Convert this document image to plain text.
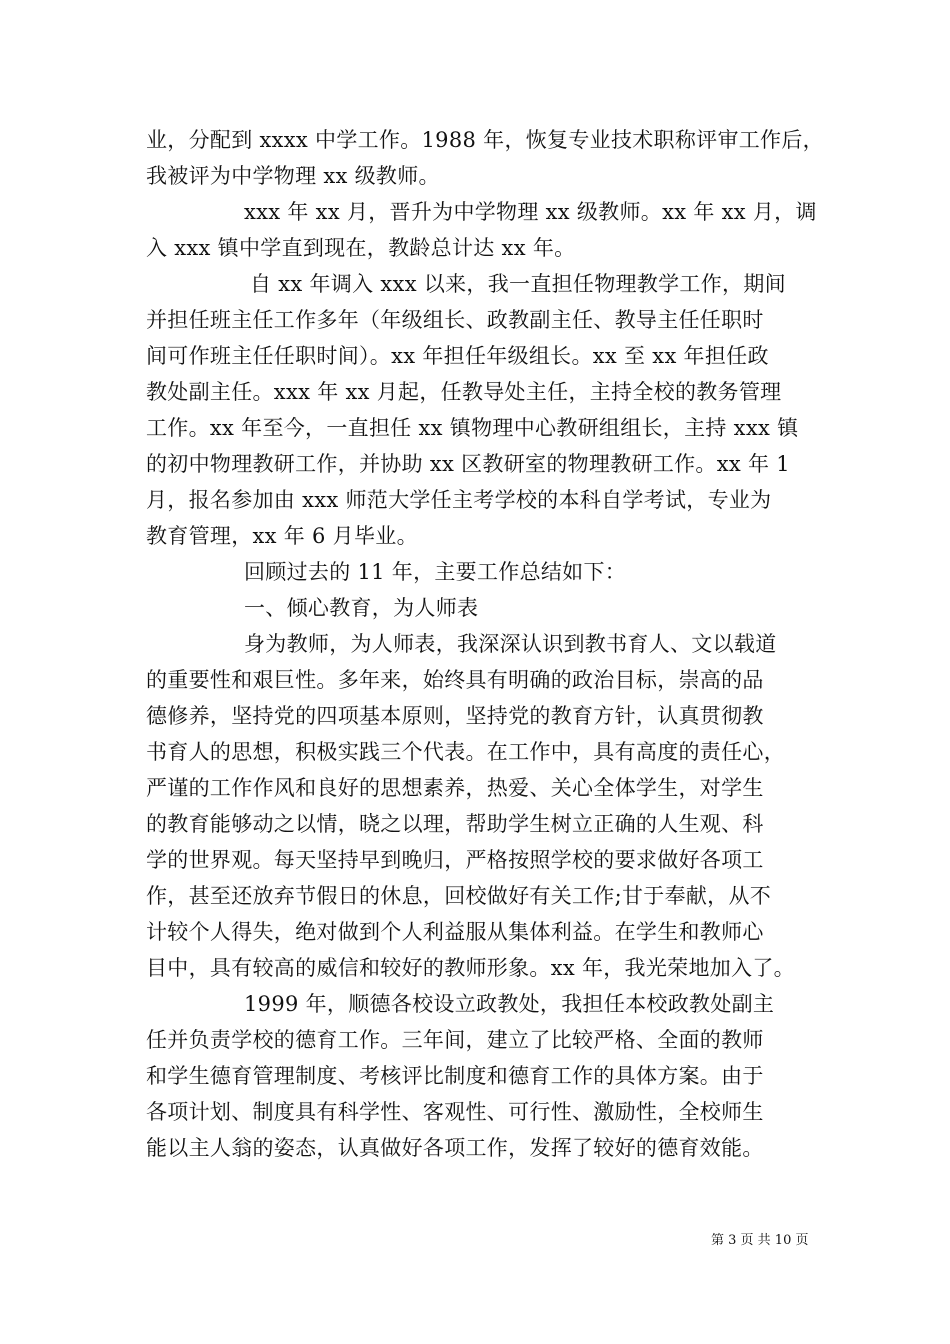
业，分配到 xxxx 中学工作。1988 年，恢复专业技术职称评审工作后，
我被评为中学物理 xx 级教师。
xxx 年 xx 月，晋升为中学物理 xx 级教师。xx 年 xx 月，调
入 xxx 镇中学直到现在，教龄总计达 xx 年。
自 xx 年调入 xxx 以来，我一直担任物理教学工作，期间
并担任班主任工作多年（年级组长、政教副主任、教导主任任职时
间可作班主任任职时间）。xx 年担任年级组长。xx 至 xx 年担任政
教处副主任。xxx 年 xx 月起，任教导处主任，主持全校的教务管理
工作。xx 年至今，一直担任 xx 镇物理中心教研组组长，主持 xxx 镇
的初中物理教研工作，并协助 xx 区教研室的物理教研工作。xx 年 1
月，报名参加由 xxx 师范大学任主考学校的本科自学考试，专业为
教育管理，xx 年 6 月毕业。
回顾过去的 11 年，主要工作总结如下：
一、倾心教育，为人师表
身为教师，为人师表，我深深认识到教书育人、文以载道
的重要性和艰巨性。多年来，始终具有明确的政治目标，崇高的品
德修养，坚持党的四项基本原则，坚持党的教育方针，认真贯彻教
书育人的思想，积极实践三个代表。在工作中，具有高度的责任心，
严谨的工作作风和良好的思想素养，热爱、关心全体学生，对学生
的教育能够动之以情，晓之以理，帮助学生树立正确的人生观、科
学的世界观。每天坚持早到晚归，严格按照学校的要求做好各项工
作，甚至还放弃节假日的休息，回校做好有关工作;甘于奉献，从不
计较个人得失，绝对做到个人利益服从集体利益。在学生和教师心
目中，具有较高的威信和较好的教师形象。xx 年，我光荣地加入了。
1999 年，顺德各校设立政教处，我担任本校政教处副主
任并负责学校的德育工作。三年间，建立了比较严格、全面的教师
和学生德育管理制度、考核评比制度和德育工作的具体方案。由于
各项计划、制度具有科学性、客观性、可行性、激励性，全校师生
能以主人翁的姿态，认真做好各项工作，发挥了较好的德育效能。
第 3 页 共 10 页
